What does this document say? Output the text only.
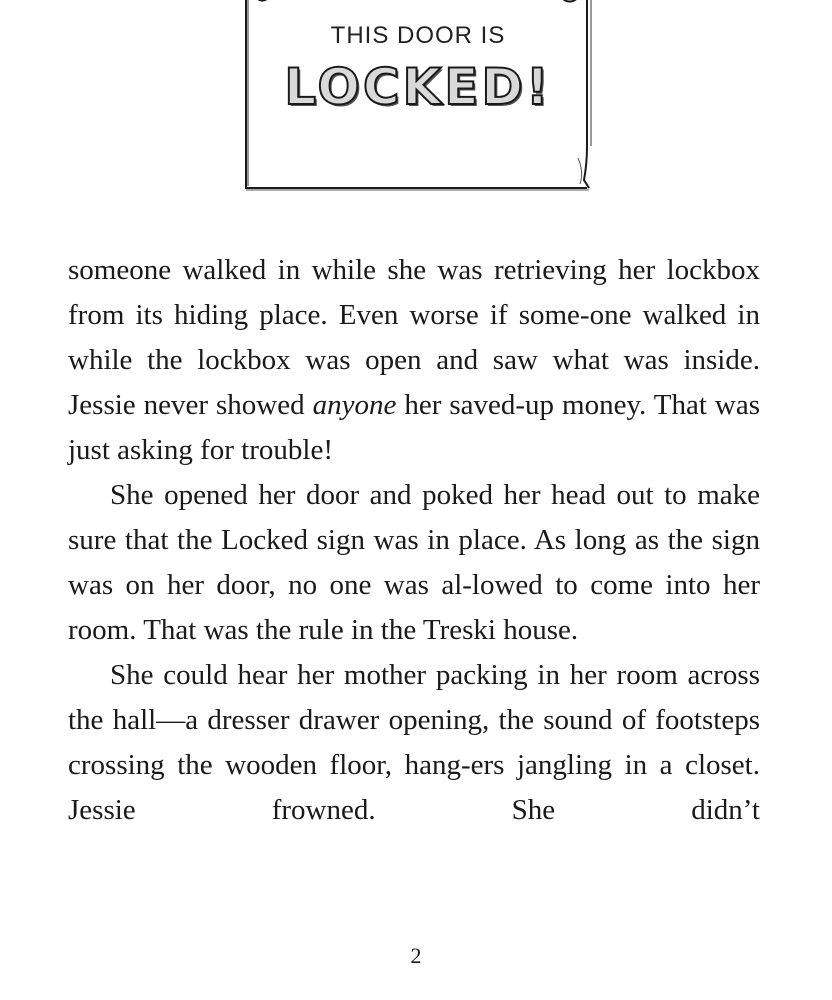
THIS DOOR IS
LOCKED!

someone walked in while she was retrieving her lockbox from its hiding place. Even worse if some-one walked in while the lockbox was open and saw what was inside. Jessie never showed anyone her saved-up money. That was just asking for trouble!

She opened her door and poked her head out to make sure that the Locked sign was in place. As long as the sign was on her door, no one was al-lowed to come into her room. That was the rule in the Treski house.

She could hear her mother packing in her room across the hall—a dresser drawer opening, the sound of footsteps crossing the wooden floor, hang-ers jangling in a closet. Jessie frowned. She didn’t

2
